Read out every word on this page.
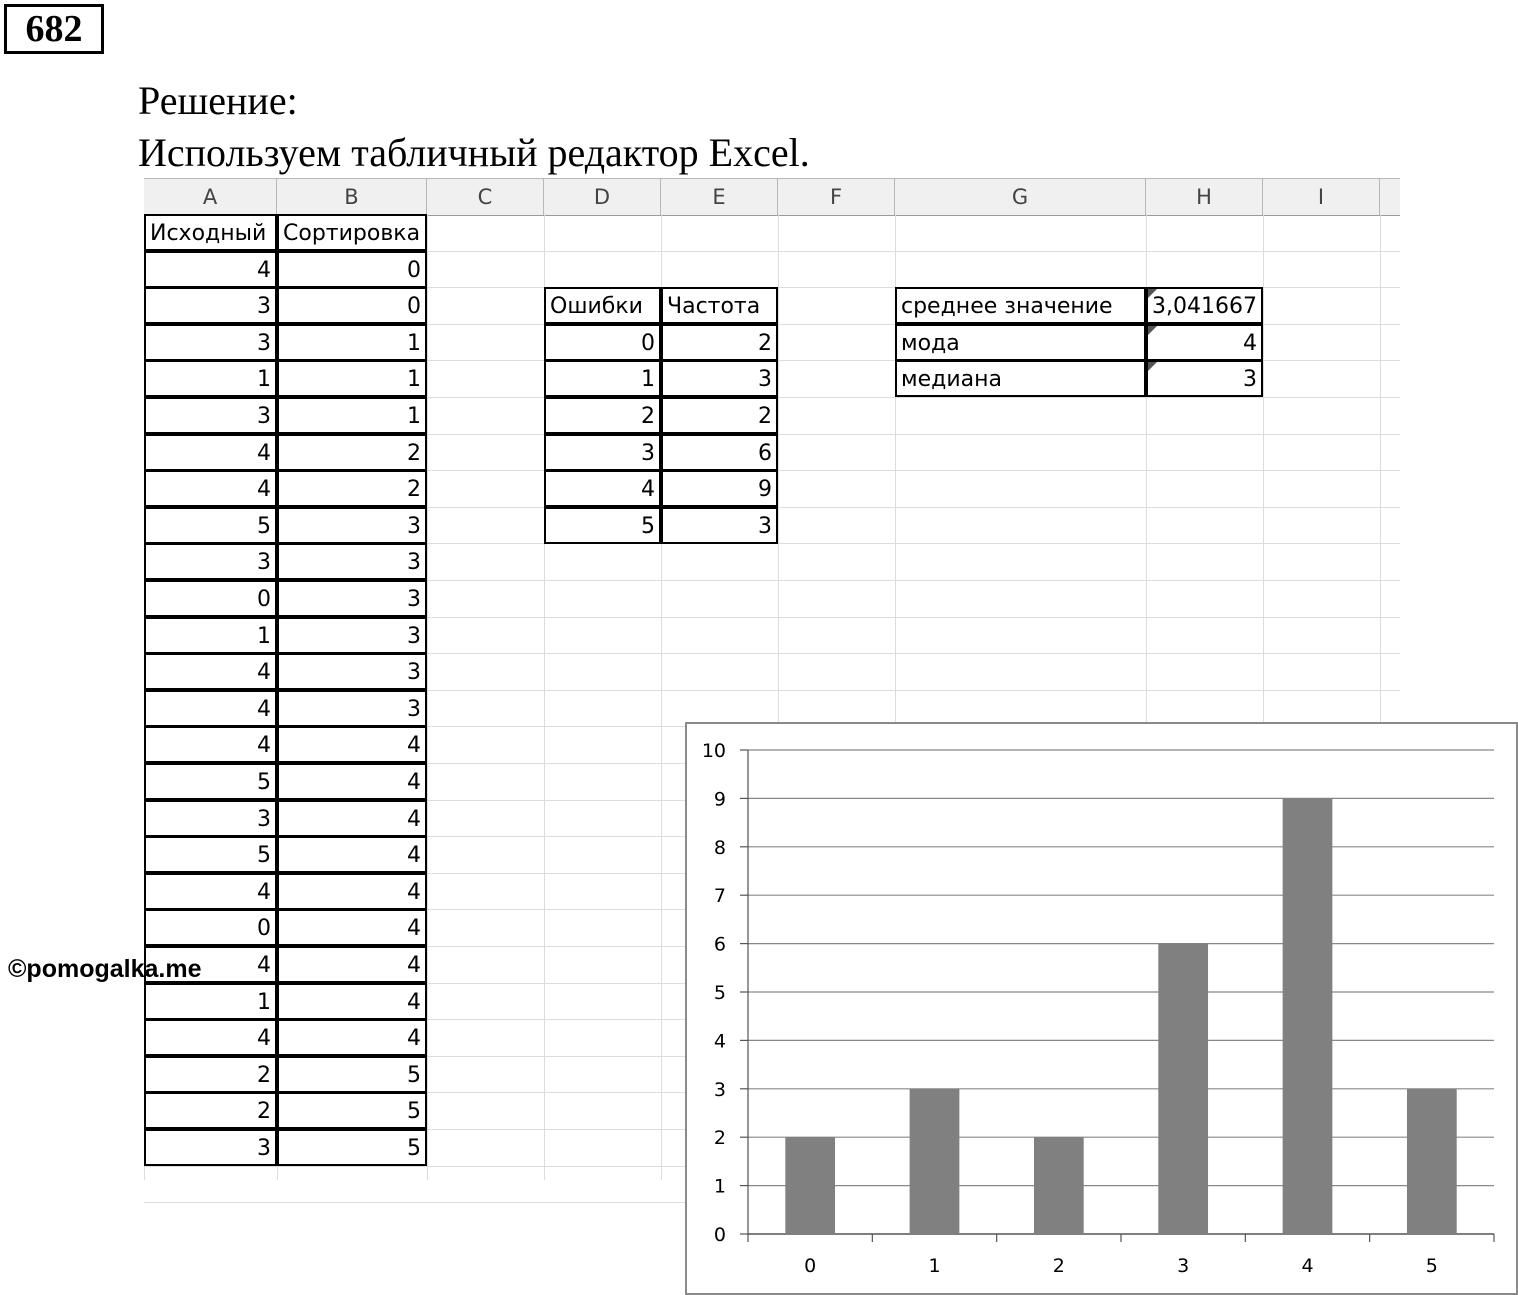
682
Решение:
Используем табличный редактор Excel.
A	B	C	D	E	F	G	H	I
Исходный Сортировка
4	0
3	0
3	1
1	1
3	1
4	2
4	2
5	3
3	3
0	3
1	3
4	3
4	3
4	4
5	4
3	4
5	4
4	4
0	4
4	4
1	4
4	4
2	5
2	5
3	5
Ошибки	Частота
0	2
1	3
2	2
3	6
4	9
5	3
среднее значение	3,041667
мода	4
медиана	3
0
1
2
3
4
5
6
7
8
9
10
0	1	2	3	4	5
©pomogalka.me
